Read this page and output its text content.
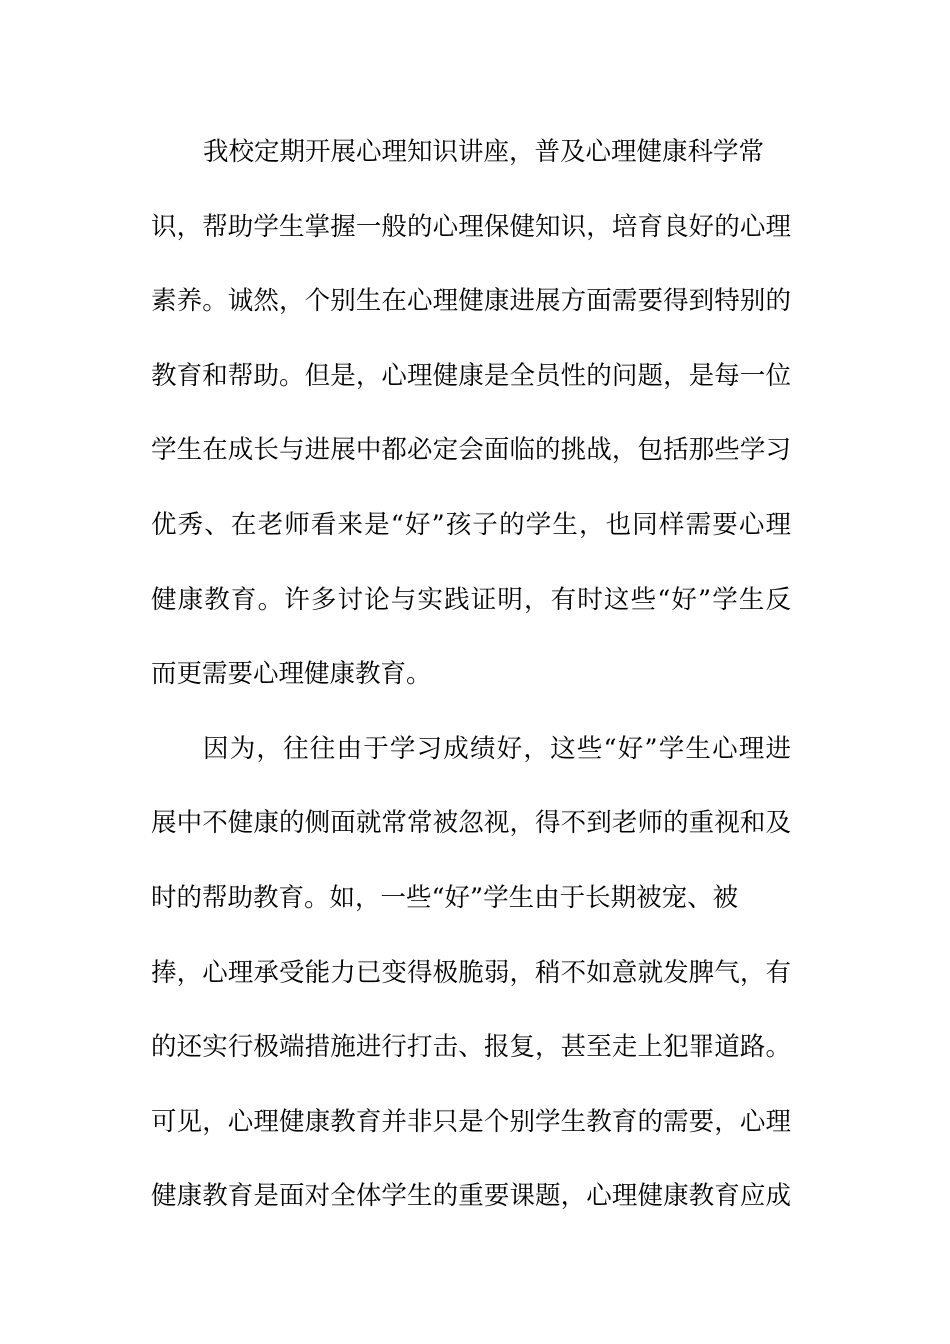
我校定期开展心理知识讲座，普及心理健康科学常
识，帮助学生掌握一般的心理保健知识，培育良好的心理
素养。诚然，个别生在心理健康进展方面需要得到特别的
教育和帮助。但是，心理健康是全员性的问题，是每一位
学生在成长与进展中都必定会面临的挑战，包括那些学习
优秀、在老师看来是“好”孩子的学生，也同样需要心理
健康教育。许多讨论与实践证明，有时这些“好”学生反
而更需要心理健康教育。
因为，往往由于学习成绩好，这些“好”学生心理进
展中不健康的侧面就常常被忽视，得不到老师的重视和及
时的帮助教育。如，一些“好”学生由于长期被宠、被
捧，心理承受能力已变得极脆弱，稍不如意就发脾气，有
的还实行极端措施进行打击、报复，甚至走上犯罪道路。
可见，心理健康教育并非只是个别学生教育的需要，心理
健康教育是面对全体学生的重要课题，心理健康教育应成
